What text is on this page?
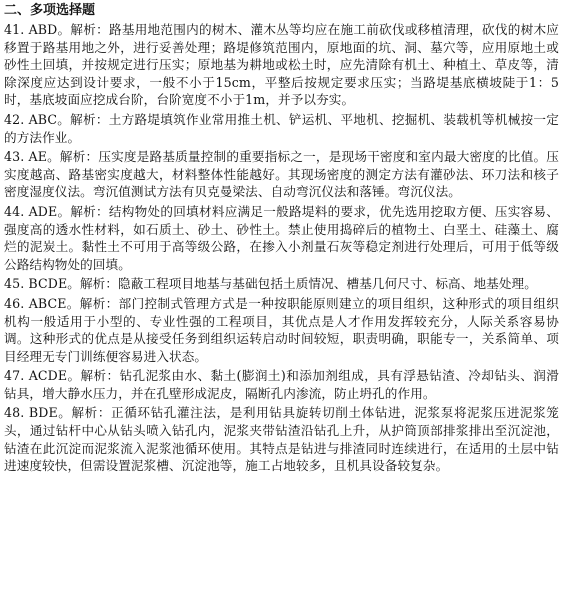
二、多项选择题

41. ABD。解析：路基用地范围内的树木、灌木丛等均应在施工前砍伐或移植清理，砍伐的树木应移置于路基用地之外，进行妥善处理；路堤修筑范围内，原地面的坑、洞、墓穴等，应用原地土或砂性土回填，并按规定进行压实；原地基为耕地或松土时，应先清除有机土、种植土、草皮等，清除深度应达到设计要求，一般不小于15cm，平整后按规定要求压实；当路堤基底横坡陡于1：5时，基底坡面应挖成台阶，台阶宽度不小于1m，并予以夯实。

42. ABC。解析：土方路堤填筑作业常用推土机、铲运机、平地机、挖掘机、装载机等机械按一定的方法作业。

43. AE。解析：压实度是路基质量控制的重要指标之一，是现场干密度和室内最大密度的比值。压实度越高、路基密实度越大，材料整体性能越好。其现场密度的测定方法有灌砂法、环刀法和核子密度湿度仪法。弯沉值测试方法有贝克曼梁法、自动弯沉仪法和落锤。弯沉仪法。

44. ADE。解析：结构物处的回填材料应满足一般路堤料的要求，优先选用挖取方便、压实容易、强度高的透水性材料，如石质土、砂土、砂性土。禁止使用捣碎后的植物土、白垩土、硅藻土、腐烂的泥炭土。黏性土不可用于高等级公路，在掺入小剂量石灰等稳定剂进行处理后，可用于低等级公路结构物处的回填。

45. BCDE。解析：隐蔽工程项目地基与基础包括土质情况、槽基几何尺寸、标高、地基处理。

46. ABCE。解析：部门控制式管理方式是一种按职能原则建立的项目组织，这种形式的项目组织机构一般适用于小型的、专业性强的工程项目，其优点是人才作用发挥较充分，人际关系容易协调。这种形式的优点是从接受任务到组织运转启动时间较短，职责明确，职能专一，关系简单、项目经理无专门训练便容易进入状态。

47. ACDE。解析：钻孔泥浆由水、黏土(膨润土)和添加剂组成，具有浮悬钻渣、冷却钻头、润滑钻具，增大静水压力，并在孔壁形成泥皮，隔断孔内渗流，防止坍孔的作用。

48. BDE。解析：正循环钻孔灌注法，是利用钻具旋转切削土体钻进，泥浆泵将泥浆压进泥浆笼头，通过钻杆中心从钻头喷入钻孔内，泥浆夹带钻渣沿钻孔上升，从护筒顶部排浆排出至沉淀池，钻渣在此沉淀而泥浆流入泥浆池循环使用。其特点是钻进与排渣同时连续进行，在适用的土层中钻进速度较快，但需设置泥浆槽、沉淀池等，施工占地较多，且机具设备较复杂。
